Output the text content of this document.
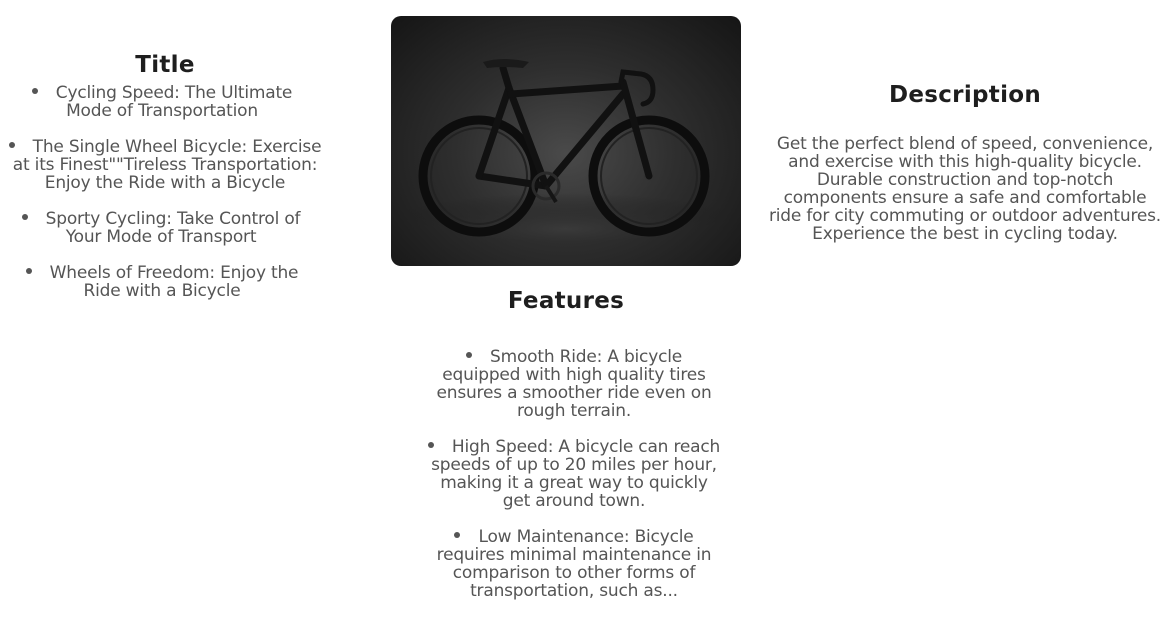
Title
Cycling Speed: The Ultimate Mode of Transportation
The Single Wheel Bicycle: Exercise at its Finest""Tireless Transportation: Enjoy the Ride with a Bicycle
Sporty Cycling: Take Control of Your Mode of Transport
Wheels of Freedom: Enjoy the Ride with a Bicycle	Features
Smooth Ride: A bicycle equipped with high quality tires ensures a smoother ride even on rough terrain.
High Speed: A bicycle can reach speeds of up to 20 miles per hour, making it a great way to quickly get around town.
Low Maintenance: Bicycle requires minimal maintenance in comparison to other forms of transportation, such as...
Description

Get the perfect blend of speed, convenience, and exercise with this high-quality bicycle. Durable construction and top-notch components ensure a safe and comfortable ride for city commuting or outdoor adventures. Experience the best in cycling today.
